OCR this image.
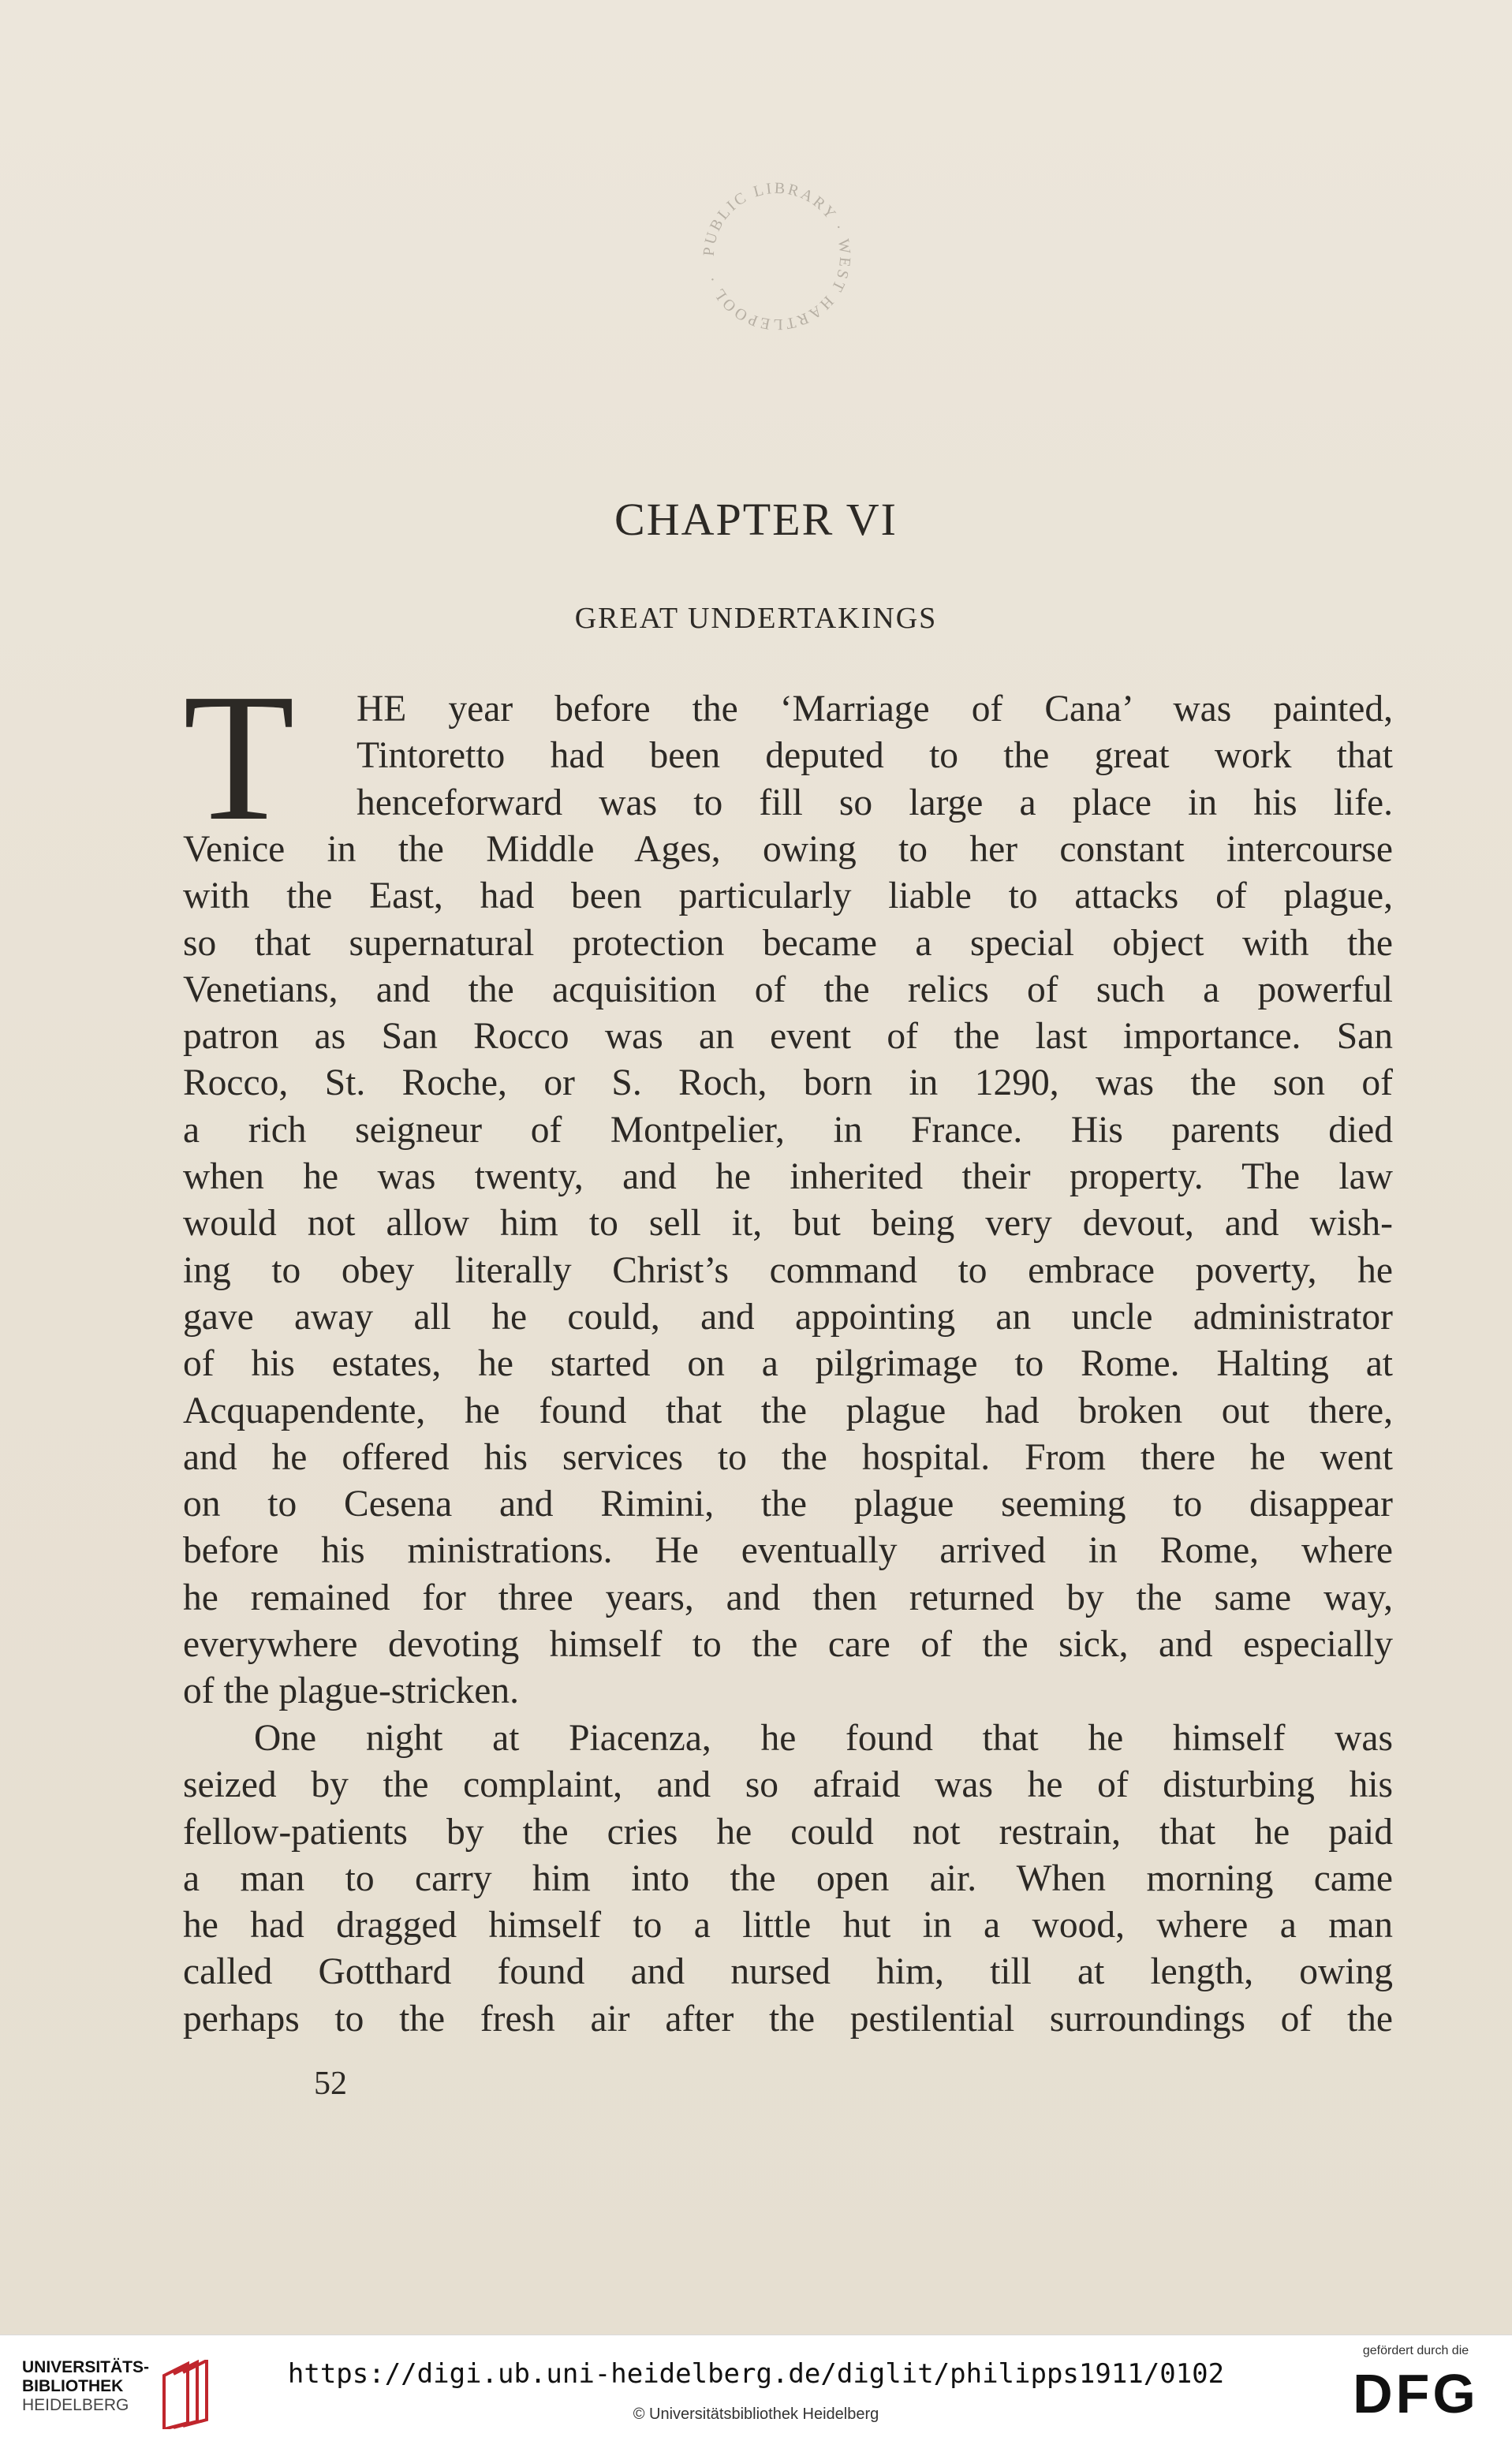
PUBLIC LIBRARY · WEST HARTLEPOOL ·
CHAPTER VI
GREAT UNDERTAKINGS
T	HE year before the ‘Marriage of Cana’ was painted,
Tintoretto had been deputed to the great work that
henceforward was to fill so large a place in his life.
Venice in the Middle Ages, owing to her constant intercourse
with the East, had been particularly liable to attacks of plague,
so that supernatural protection became a special object with the
Venetians, and the acquisition of the relics of such a powerful
patron as San Rocco was an event of the last importance. San
Rocco, St. Roche, or S. Roch, born in 1290, was the son of
a rich seigneur of Montpelier, in France. His parents died
when he was twenty, and he inherited their property. The law
would not allow him to sell it, but being very devout, and wish-
ing to obey literally Christ’s command to embrace poverty, he
gave away all he could, and appointing an uncle administrator
of his estates, he started on a pilgrimage to Rome. Halting at
Acquapendente, he found that the plague had broken out there,
and he offered his services to the hospital. From there he went
on to Cesena and Rimini, the plague seeming to disappear
before his ministrations. He eventually arrived in Rome, where
he remained for three years, and then returned by the same way,
everywhere devoting himself to the care of the sick, and especially
of the plague-stricken.
One night at Piacenza, he found that he himself was
seized by the complaint, and so afraid was he of disturbing his
fellow-patients by the cries he could not restrain, that he paid
a man to carry him into the open air. When morning came
he had dragged himself to a little hut in a wood, where a man
called Gotthard found and nursed him, till at length, owing
perhaps to the fresh air after the pestilential surroundings of the
52
UNIVERSITÄTS-
BIBLIOTHEK
HEIDELBERG
https://digi.ub.uni-heidelberg.de/diglit/philipps1911/0102
© Universitätsbibliothek Heidelberg
gefördert durch die
DFG
